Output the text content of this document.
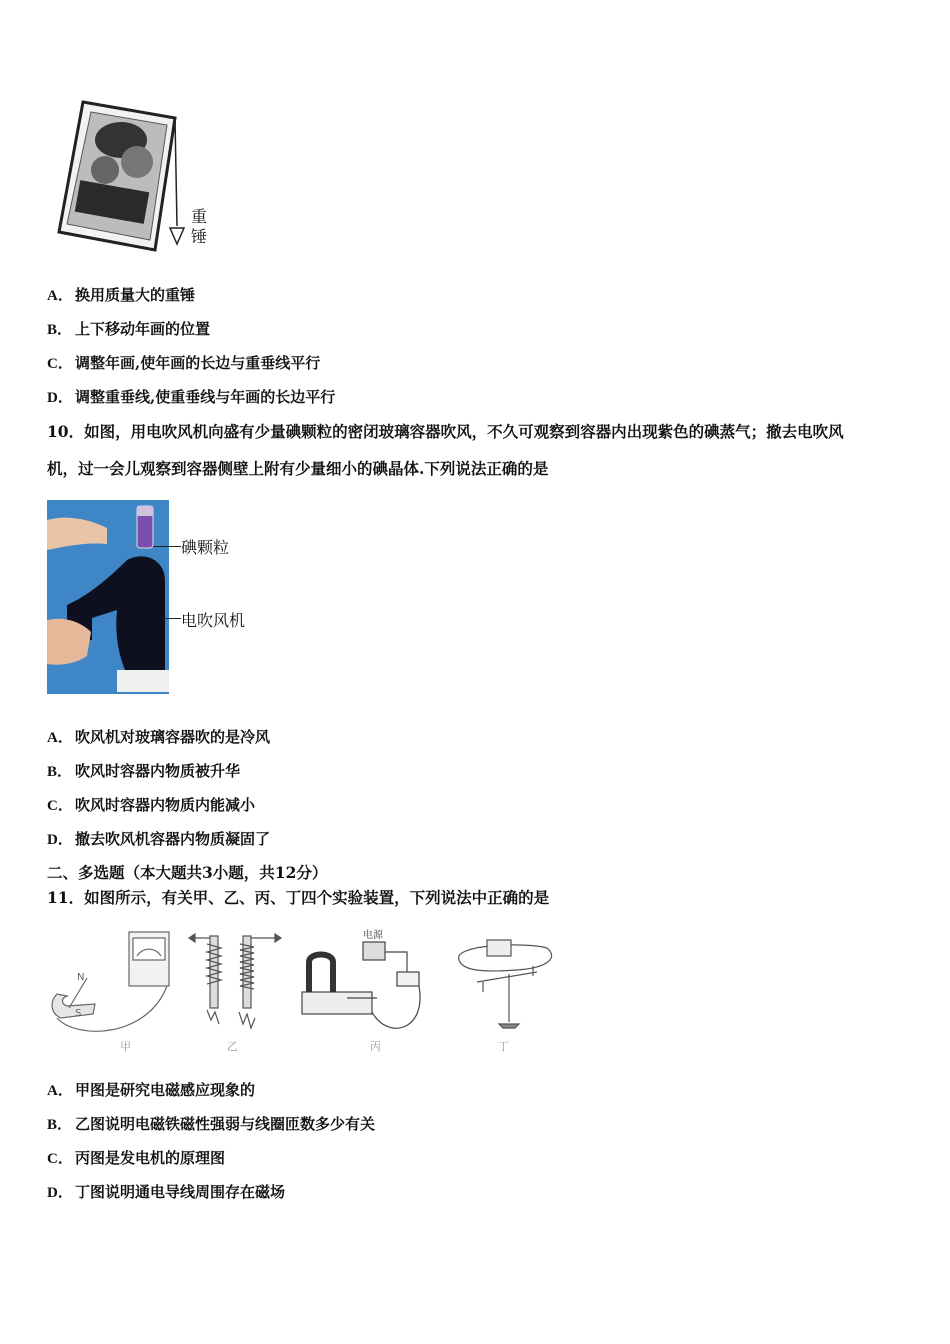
重
锤
A． 换用质量大的重锤
B． 上下移动年画的位置
C． 调整年画,使年画的长边与重垂线平行
D． 调整重垂线,使重垂线与年画的长边平行
10．如图，用电吹风机向盛有少量碘颗粒的密闭玻璃容器吹风，不久可观察到容器内出现紫色的碘蒸气；撤去电吹风
机，过一会儿观察到容器侧壁上附有少量细小的碘晶体.下列说法正确的是
碘颗粒
电吹风机
A． 吹风机对玻璃容器吹的是冷风
B． 吹风时容器内物质被升华
C． 吹风时容器内物质内能减小
D． 撤去吹风机容器内物质凝固了
二、多选题（本大题共3小题，共12分）
11．如图所示，有关甲、乙、丙、丁四个实验装置，下列说法中正确的是
N
S
电源
甲	乙	丙	丁
A． 甲图是研究电磁感应现象的
B． 乙图说明电磁铁磁性强弱与线圈匝数多少有关
C． 丙图是发电机的原理图
D． 丁图说明通电导线周围存在磁场
